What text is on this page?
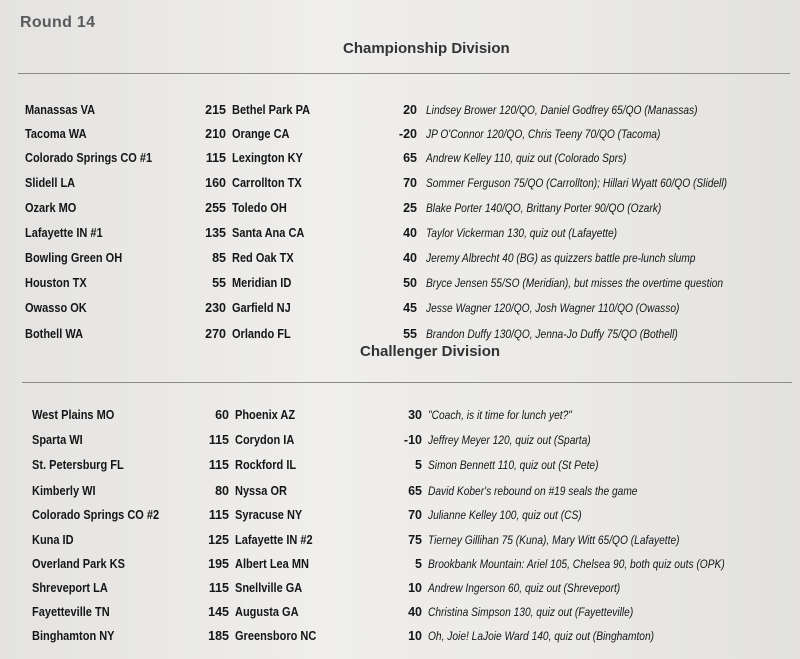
Round 14
Championship Division
Manassas VA	215 Bethel Park PA	20 Lindsey Brower 120/QO, Daniel Godfrey 65/QO (Manassas)
Tacoma WA	210 Orange CA	-20 JP O'Connor 120/QO, Chris Teeny 70/QO (Tacoma)
Colorado Springs CO #1	115 Lexington KY	65 Andrew Kelley 110, quiz out (Colorado Sprs)
Slidell LA	160 Carrollton TX	70 Sommer Ferguson 75/QO (Carrollton); Hillari Wyatt 60/QO (Slidell)
Ozark MO	255 Toledo OH	25 Blake Porter 140/QO, Brittany Porter 90/QO (Ozark)
Lafayette IN #1	135 Santa Ana CA	40 Taylor Vickerman 130, quiz out (Lafayette)
Bowling Green OH	85 Red Oak TX	40 Jeremy Albrecht 40 (BG) as quizzers battle pre-lunch slump
Houston TX	55 Meridian ID	50 Bryce Jensen 55/SO (Meridian), but misses the overtime question
Owasso OK	230 Garfield NJ	45 Jesse Wagner 120/QO, Josh Wagner 110/QO (Owasso)
Bothell WA	270 Orlando FL	55 Brandon Duffy 130/QO, Jenna-Jo Duffy 75/QO (Bothell)
Challenger Division
West Plains MO	60 Phoenix AZ	30 "Coach, is it time for lunch yet?"
Sparta WI	115 Corydon IA	-10 Jeffrey Meyer 120, quiz out (Sparta)
St. Petersburg FL	115 Rockford IL	5 Simon Bennett 110, quiz out (St Pete)
Kimberly WI	80 Nyssa OR	65 David Kober's rebound on #19 seals the game
Colorado Springs CO #2	115 Syracuse NY	70 Julianne Kelley 100, quiz out (CS)
Kuna ID	125 Lafayette IN #2	75 Tierney Gillihan 75 (Kuna), Mary Witt 65/QO (Lafayette)
Overland Park KS	195 Albert Lea MN	5 Brookbank Mountain: Ariel 105, Chelsea 90, both quiz outs (OPK)
Shreveport LA	115 Snellville GA	10 Andrew Ingerson 60, quiz out (Shreveport)
Fayetteville TN	145 Augusta GA	40 Christina Simpson 130, quiz out (Fayetteville)
Binghamton NY	185 Greensboro NC	10 Oh, Joie! LaJoie Ward 140, quiz out (Binghamton)
